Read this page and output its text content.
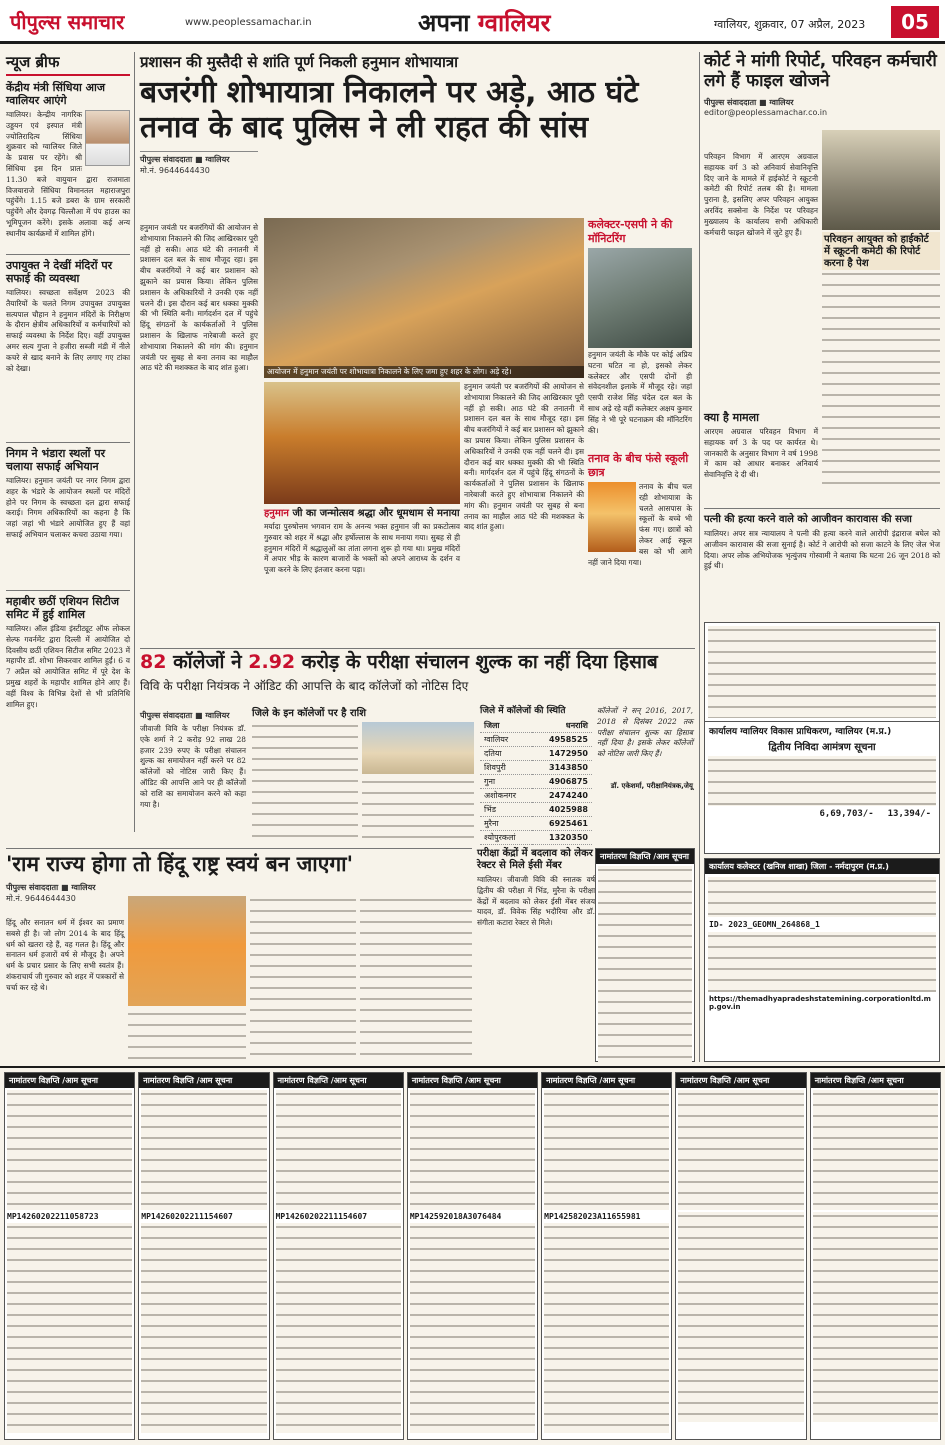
पीपुल्स समाचार	www.peoplessamachar.in	अपना ग्वालियर	ग्वालियर, शुक्रवार, 07 अप्रैल, 2023	05
न्यूज ब्रीफ
केंद्रीय मंत्री सिंधिया आज ग्वालियर आएंगे
ग्वालियर। केन्द्रीय नागरिक उड्डयन एवं इस्पात मंत्री ज्योतिरादित्य सिंधिया शुक्रवार को ग्वालियर जिले के प्रवास पर रहेंगे। श्री सिंधिया इस दिन प्रातः 11.30 बजे वायुयान द्वारा राजमाता विजयाराजे सिंधिया विमानतल महाराजपुरा पहुंचेंगे। 1.15 बजे डबरा के ग्राम सरकारी पहुंचेंगे और देवगढ़ चिल्लौआ में पंप हाउस का भूमिपूजन करेंगे। इसके अलावा कई अन्य स्थानीय कार्यक्रमों में शामिल होंगे।
उपायुक्त ने देखीं मंदिरों पर सफाई की व्यवस्था
ग्वालियर। स्वच्छता सर्वेक्षण 2023 की तैयारियों के चलते निगम उपायुक्त उपायुक्त सत्यपाल चौहान ने हनुमान मंदिरों के निरीक्षण के दौरान क्षेत्रीय अधिकारियों व कर्मचारियों को सफाई व्यवस्था के निर्देश दिए। वहीं उपायुक्त अमर सत्य गुप्ता ने हजीरा सब्जी मंडी में नीले कचरे से खाद बनाने के लिए लगाए गए टांका को देखा।
निगम ने भंडारा स्थलों पर चलाया सफाई अभियान
ग्वालियर। हनुमान जयंती पर नगर निगम द्वारा शहर के भंडारे के आयोजन स्थलों पर मंदिरों होने पर निगम के स्वच्छता दल द्वारा सफाई कराई। निगम अधिकारियों का कहना है कि जहां जहां भी भंडारे आयोजित हुए हैं वहां सफाई अभियान चलाकर कचरा उठाया गया।
महाबीर छठीं एशियन सिटीज समिट में हुई शामिल
ग्वालियर। ऑल इंडिया इंस्टीट्यूट ऑफ लोकल सेल्फ गवर्नमेंट द्वारा दिल्ली में आयोजित दो दिवसीय छठीं एशियन सिटीज समिट 2023 में महापौर डॉ. शोभा सिकरवार शामिल हुईं। 6 व 7 अप्रैल को आयोजित समिट में पूरे देश के प्रमुख शहरों के महापौर शामिल होने आए हैं। वहीं विश्व के विभिन्न देशों से भी प्रतिनिधि शामिल हुए।
प्रशासन की मुस्तैदी से शांति पूर्ण निकली हनुमान शोभायात्रा
बजरंगी शोभायात्रा निकालने पर अड़े, आठ घंटे तनाव के बाद पुलिस ने ली राहत की सांस
पीपुल्स संवाददाता ■ ग्वालियर
मो.नं. 9644644430
हनुमान जयंती पर बजरंगियों की आयोजन से शोभायात्रा निकालने की जिद आखिरकार पूरी नहीं हो सकी। आठ घंटे की तनातनी में प्रशासन दल बल के साथ मौजूद रहा। इस बीच बजरंगियों ने कई बार प्रशासन को झुकाने का प्रयास किया। लेकिन पुलिस प्रशासन के अधिकारियों ने उनकी एक नहीं चलने दी। इस दौरान कई बार धक्का मुक्की की भी स्थिति बनी। मार्गदर्शन दल में पहुंचे हिंदू संगठनों के कार्यकर्ताओं ने पुलिस प्रशासन के खिलाफ नारेबाजी करते हुए शोभायात्रा निकालने की मांग की। हनुमान जयंती पर सुबह से बना तनाव का माहौल आठ घंटे की मशक्कत के बाद शांत हुआ।	आयोजन में हनुमान जयंती पर शोभायात्रा निकालने के लिए जमा हुए शहर के लोग। अड़े रहे।
कलेक्टर-एसपी ने की मॉनिटरिंग
हनुमान जयंती के मौके पर कोई अप्रिय घटना घटित ना हो, इसको लेकर कलेक्टर और एसपी दोनों ही संवेदनशील इलाके में मौजूद रहे। जहां एसपी राजेश सिंह चंदेल दल बल के साथ अड़े रहे वहीं कलेक्टर अक्षय कुमार सिंह ने भी पूरे घटनाक्रम की मॉनिटरिंग की।
हनुमान जयंती पर बजरंगियों की आयोजन से शोभायात्रा निकालने की जिद आखिरकार पूरी नहीं हो सकी। आठ घंटे की तनातनी में प्रशासन दल बल के साथ मौजूद रहा। इस बीच बजरंगियों ने कई बार प्रशासन को झुकाने का प्रयास किया। लेकिन पुलिस प्रशासन के अधिकारियों ने उनकी एक नहीं चलने दी। इस दौरान कई बार धक्का मुक्की की भी स्थिति बनी। मार्गदर्शन दल में पहुंचे हिंदू संगठनों के कार्यकर्ताओं ने पुलिस प्रशासन के खिलाफ नारेबाजी करते हुए शोभायात्रा निकालने की मांग की। हनुमान जयंती पर सुबह से बना तनाव का माहौल आठ घंटे की मशक्कत के बाद शांत हुआ।
तनाव के बीच फंसे स्कूली छात्र
तनाव के बीच चल रही शोभायात्रा के चलते आसपास के स्कूलों के बच्चे भी फंस गए। छात्रों को लेकर आई स्कूल बस को भी आगे नहीं जाने दिया गया।
हनुमान जी का जन्मोत्सव श्रद्धा और धूमधाम से मनाया
मर्यादा पुरुषोत्तम भगवान राम के अनन्य भक्त हनुमान जी का प्रकटोत्सव गुरुवार को शहर में श्रद्धा और हर्षोल्लास के साथ मनाया गया। सुबह से ही हनुमान मंदिरों में श्रद्धालुओं का तांता लगना शुरू हो गया था। प्रमुख मंदिरों में अपार भीड़ के कारण बाजारों के भक्तों को अपने आराध्य के दर्शन व पूजा करने के लिए इंतजार करना पड़ा।
82 कॉलेजों ने 2.92 करोड़ के परीक्षा संचालन शुल्क का नहीं दिया हिसाब
विवि के परीक्षा नियंत्रक ने ऑडिट की आपत्ति के बाद कॉलेजों को नोटिस दिए
पीपुल्स संवाददाता ■ ग्वालियर
जीवाजी विवि के परीक्षा नियंत्रक डॉ. एके शर्मा ने 2 करोड़ 92 लाख 28 हजार 239 रुपए के परीक्षा संचालन शुल्क का समायोजन नहीं करने पर 82 कॉलेजों को नोटिस जारी किए हैं। ऑडिट की आपत्ति आने पर ही कॉलेजों को राशि का समायोजन करने को कहा गया है।
जिले के इन कॉलेजों पर है राशि	जिले में कॉलेजों की स्थिति
जिला	धनराशि
ग्वालियर	4958525
दतिया	1472950
शिवपुरी	3143850
गुना	4906875
अशोकनगर	2474240
भिंड	4025988
मुरैना	6925461
श्योपुरकलां	1320350
कॉलेजों ने सन् 2016, 2017, 2018 से दिसंबर 2022 तक परीक्षा संचालन शुल्क का हिसाब नहीं दिया है। इसके लेकर कॉलेजों को नोटिस जारी किए हैं।
डॉ. एकेशर्मा, परीक्षानियंत्रक,जेयू
'राम राज्य होगा तो हिंदू राष्ट्र स्वयं बन जाएगा'
पीपुल्स संवाददाता ■ ग्वालियर
मो.नं. 9644644430
हिंदू और सनातन धर्म में ईश्वर का प्रमाण सबसे ही है। जो लोग 2014 के बाद हिंदू धर्म को खतरा रहे हैं, वह गलत है। हिंदू और सनातन धर्म हजारों वर्ष से मौजूद है। अपने धर्म के प्रचार प्रसार के लिए सभी स्वतंत्र हैं। शंकराचार्य जी गुरुवार को शहर में पत्रकारों से चर्चा कर रहे थे।
परीक्षा केंद्रों में बदलाव को लेकर रेक्टर से मिले ईसी मेंबर
ग्वालियर। जीवाजी विवि की स्नातक वर्ष द्वितीय की परीक्षा में भिंड, मुरैना के परीक्षा केंद्रों में बदलाव को लेकर ईसी मेंबर संजय यादव, डॉ. विवेक सिंह भदौरिया और डॉ. संगीता कटारा रेक्टर से मिले।
नामांतरण विज्ञप्ति /आम सूचना
कोर्ट ने मांगी रिपोर्ट, परिवहन कर्मचारी लगे हैं फाइल खोजने
पीपुल्स संवाददाता ■ ग्वालियर
editor@peoplessamachar.co.in
परिवहन विभाग में आरएम अग्रवाल सहायक वर्ग 3 को अनिवार्य सेवानिवृत्ति दिए जाने के मामले में हाईकोर्ट ने स्क्रूटनी कमेटी की रिपोर्ट तलब की है। मामला पुराना है, इसलिए अपर परिवहन आयुक्त अरविंद सक्सेना के निर्देश पर परिवहन मुख्यालय के कार्यालय सभी अधिकारी कर्मचारी फाइल खोजने में जुटे हुए हैं।
परिवहन आयुक्त को हाईकोर्ट में स्क्रूटनी कमेटी की रिपोर्ट करना है पेश
क्या है मामला
आरएम अग्रवाल परिवहन विभाग में सहायक वर्ग 3 के पद पर कार्यरत थे। जानकारी के अनुसार विभाग ने वर्ष 1998 में काम को आधार बनाकर अनिवार्य सेवानिवृत्ति दे दी थी।
पत्नी की हत्या करने वाले को आजीवन कारावास की सजा
ग्वालियर। अपर सत्र न्यायालय ने पत्नी की हत्या करने वाले आरोपी इंद्राराज बघेल को आजीवन कारावास की सजा सुनाई है। कोर्ट ने आरोपी को सजा काटने के लिए जेल भेज दिया। अपर लोक अभियोजक भृत्युंजय गोस्वामी ने बताया कि घटना 26 जून 2018 को हुई थी।
कार्यालय ग्वालियर विकास प्राधिकरण, ग्वालियर (म.प्र.)
द्वितीय निविदा आमंत्रण सूचना
6,69,703/- 13,394/-
कार्यालय कलेक्टर (खनिज शाखा) जिला - नर्मदापुरम (म.प्र.)
ID- 2023_GEOMN_264868_1
https://themadhyapradeshstatemining.corporationltd.mp.gov.in
नामांतरण विज्ञप्ति /आम सूचना
MP14260202211058723
नामांतरण विज्ञप्ति /आम सूचना
MP14260202211154607
नामांतरण विज्ञप्ति /आम सूचना
MP14260202211154607
नामांतरण विज्ञप्ति /आम सूचना
MP142592018A3076484
नामांतरण विज्ञप्ति /आम सूचना
MP142582023A11655981
नामांतरण विज्ञप्ति /आम सूचना	नामांतरण विज्ञप्ति /आम सूचना
